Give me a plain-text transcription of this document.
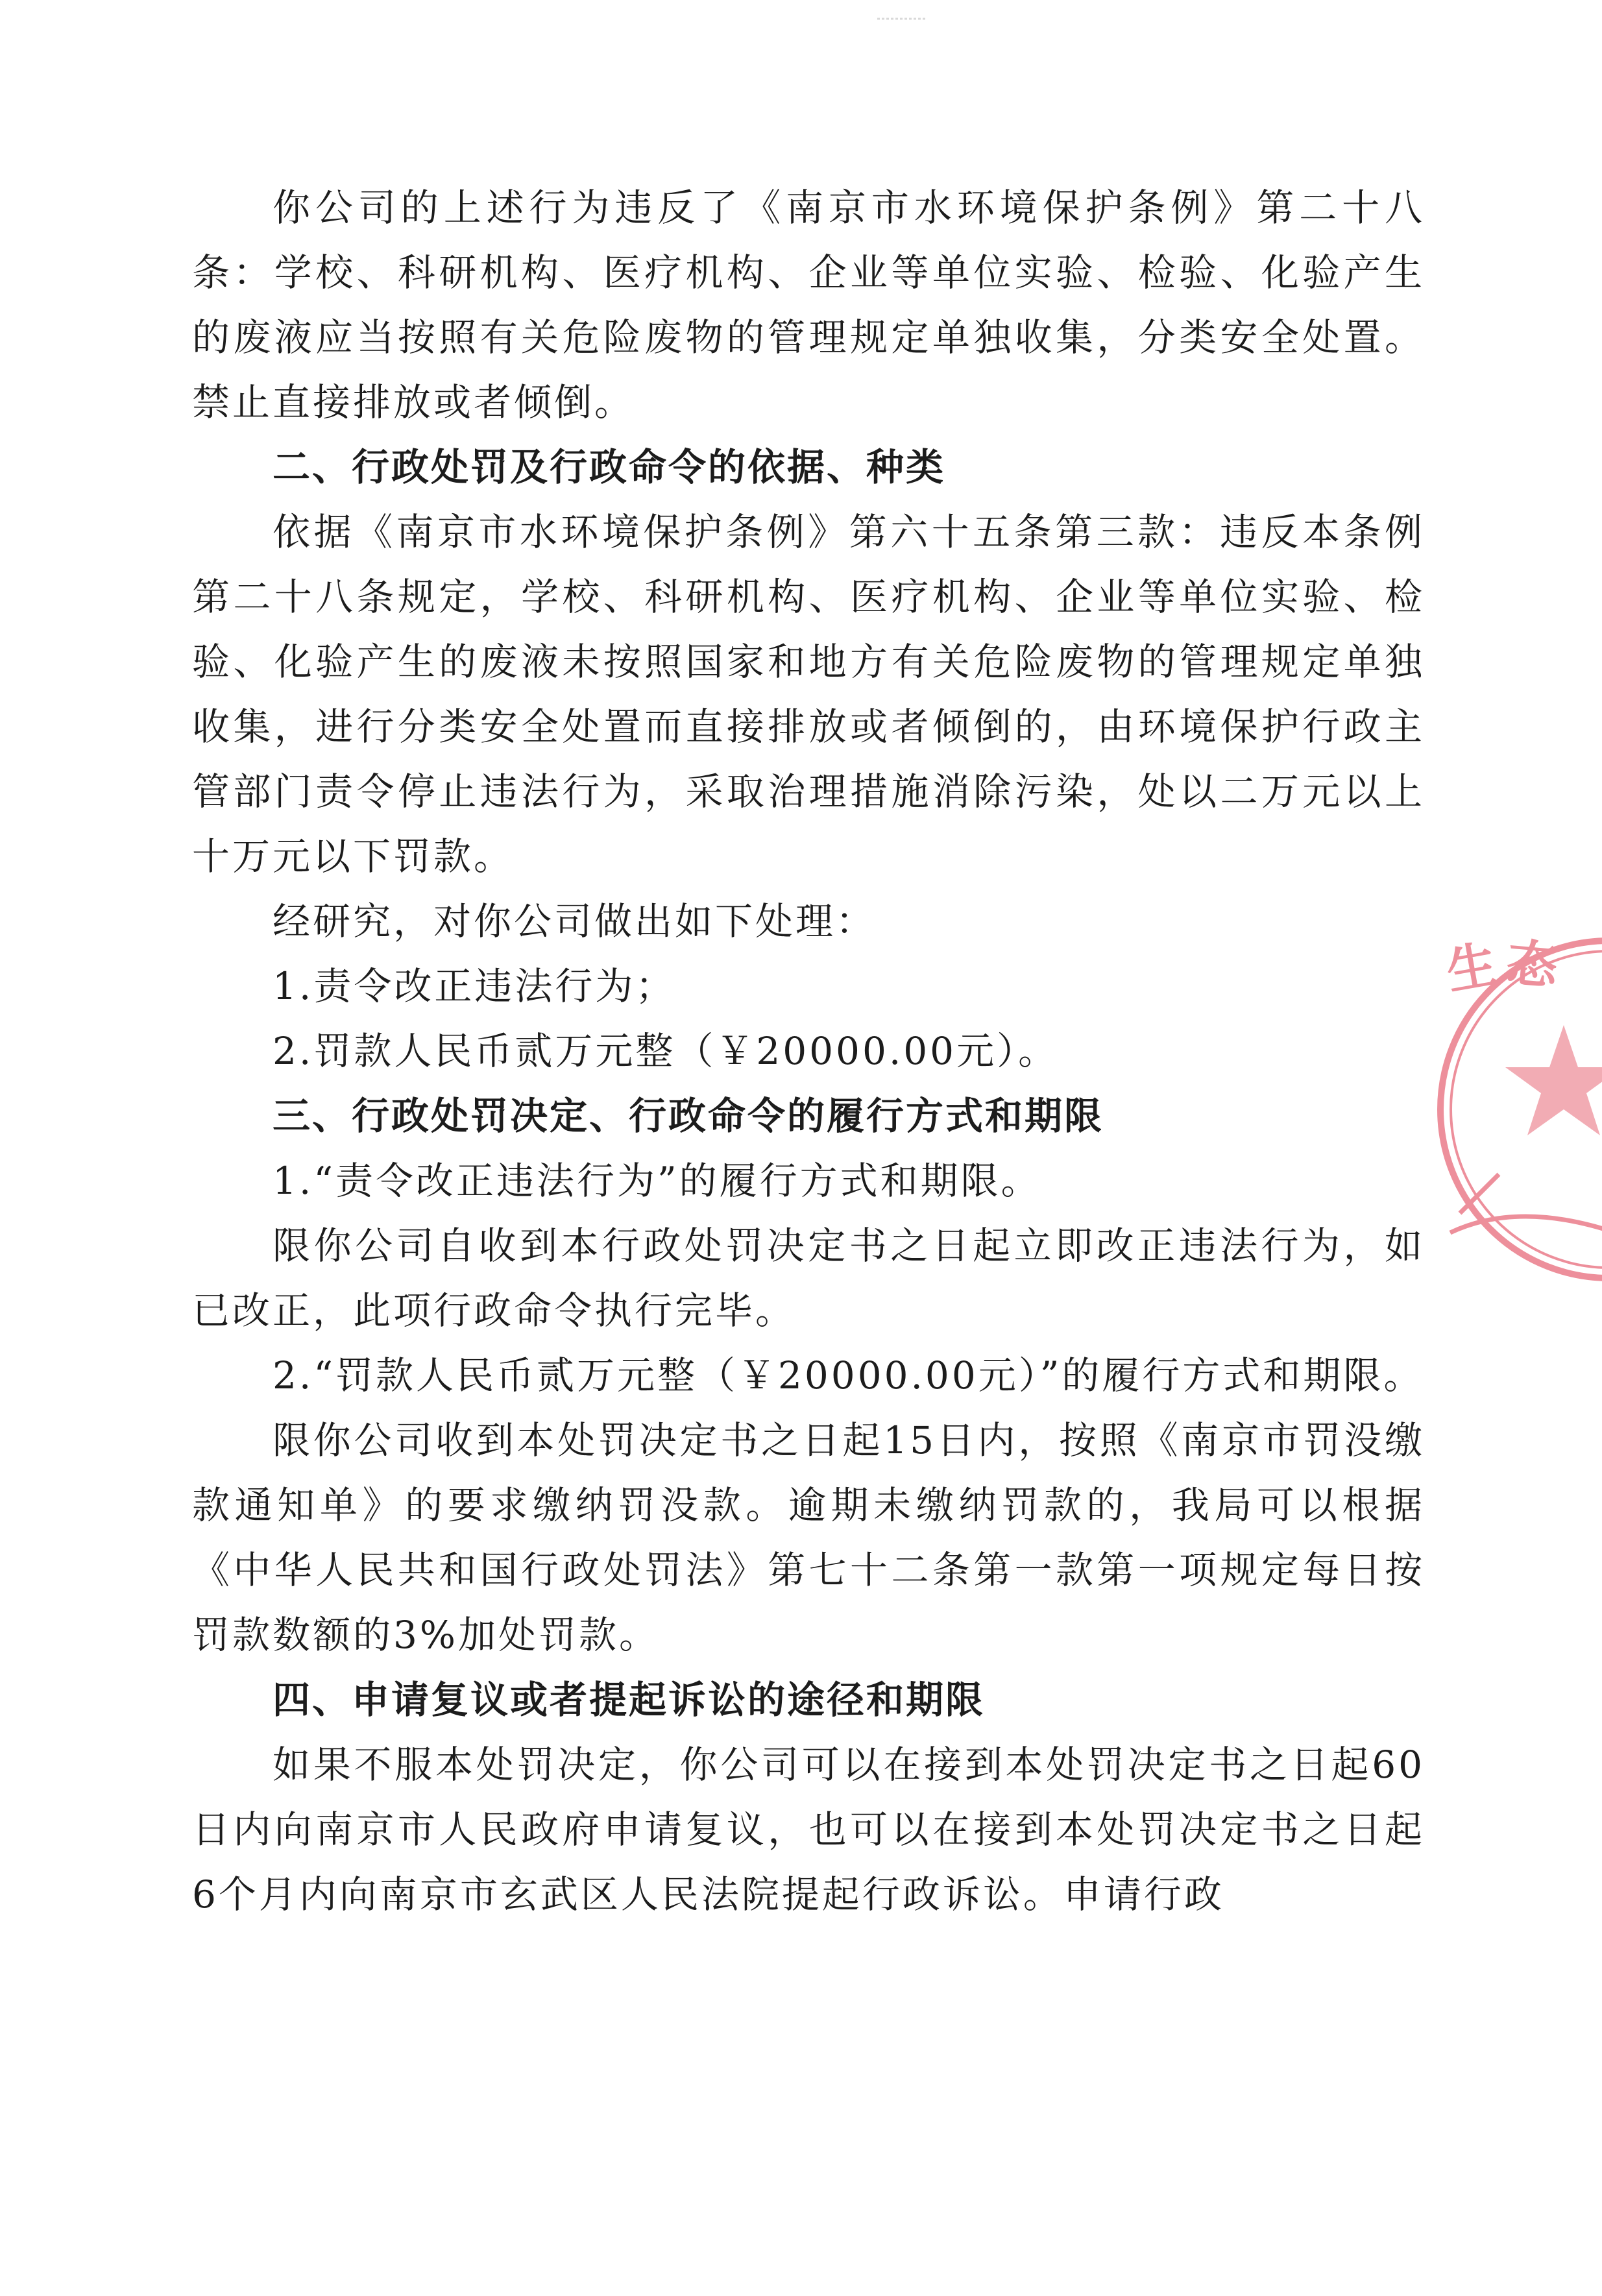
你公司的上述行为违反了《南京市水环境保护条例》第二十八条：学校、科研机构、医疗机构、企业等单位实验、检验、化验产生的废液应当按照有关危险废物的管理规定单独收集，分类安全处置。禁止直接排放或者倾倒。

二、行政处罚及行政命令的依据、种类

依据《南京市水环境保护条例》第六十五条第三款：违反本条例第二十八条规定，学校、科研机构、医疗机构、企业等单位实验、检验、化验产生的废液未按照国家和地方有关危险废物的管理规定单独收集，进行分类安全处置而直接排放或者倾倒的，由环境保护行政主管部门责令停止违法行为，采取治理措施消除污染，处以二万元以上十万元以下罚款。

经研究，对你公司做出如下处理：

1.责令改正违法行为；

2.罚款人民币贰万元整（￥20000.00元）。

三、行政处罚决定、行政命令的履行方式和期限

1.“责令改正违法行为”的履行方式和期限。

限你公司自收到本行政处罚决定书之日起立即改正违法行为，如已改正，此项行政命令执行完毕。

2.“罚款人民币贰万元整（￥20000.00元）”的履行方式和期限。

限你公司收到本处罚决定书之日起15日内，按照《南京市罚没缴款通知单》的要求缴纳罚没款。逾期未缴纳罚款的，我局可以根据《中华人民共和国行政处罚法》第七十二条第一款第一项规定每日按罚款数额的3%加处罚款。

四、申请复议或者提起诉讼的途径和期限

如果不服本处罚决定，你公司可以在接到本处罚决定书之日起60日内向南京市人民政府申请复议，也可以在接到本处罚决定书之日起6个月内向南京市玄武区人民法院提起行政诉讼。申请行政

生 态
